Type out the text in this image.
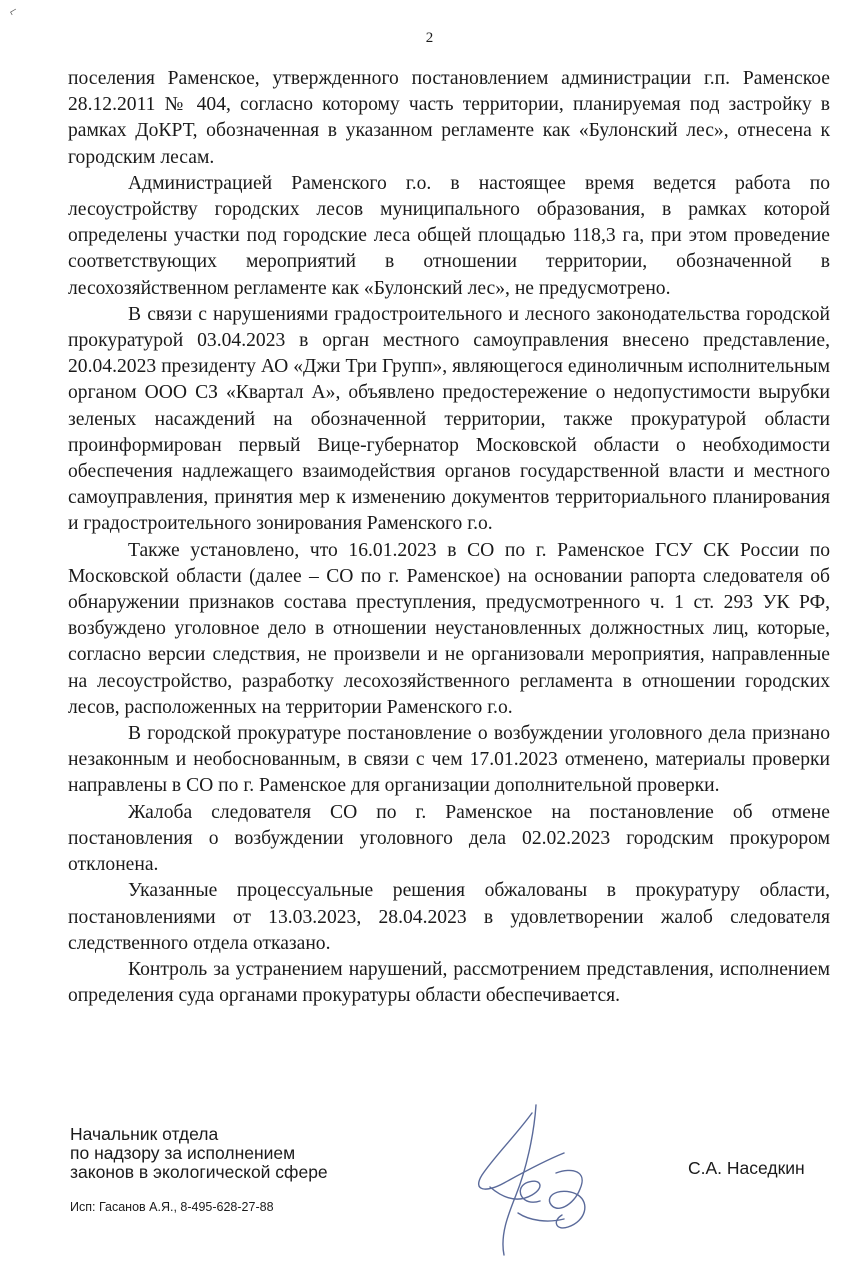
⌐
2

поселения Раменское, утвержденного постановлением администрации г.п. Раменское 28.12.2011 № 404, согласно которому часть территории, планируемая под застройку в рамках ДоКРТ, обозначенная в указанном регламенте как «Булонский лес», отнесена к городским лесам.

Администрацией Раменского г.о. в настоящее время ведется работа по лесоустройству городских лесов муниципального образования, в рамках которой определены участки под городские леса общей площадью 118,3 га, при этом проведение соответствующих мероприятий в отношении территории, обозначенной в лесохозяйственном регламенте как «Булонский лес», не предусмотрено.

В связи с нарушениями градостроительного и лесного законодательства городской прокуратурой 03.04.2023 в орган местного самоуправления внесено представление, 20.04.2023 президенту АО «Джи Три Групп», являющегося единоличным исполнительным органом ООО СЗ «Квартал А», объявлено предостережение о недопустимости вырубки зеленых насаждений на обозначенной территории, также прокуратурой области проинформирован первый Вице-губернатор Московской области о необходимости обеспечения надлежащего взаимодействия органов государственной власти и местного самоуправления, принятия мер к изменению документов территориального планирования и градостроительного зонирования Раменского г.о.

Также установлено, что 16.01.2023 в СО по г. Раменское ГСУ СК России по Московской области (далее – СО по г. Раменское) на основании рапорта следователя об обнаружении признаков состава преступления, предусмотренного ч. 1 ст. 293 УК РФ, возбуждено уголовное дело в отношении неустановленных должностных лиц, которые, согласно версии следствия, не произвели и не организовали мероприятия, направленные на лесоустройство, разработку лесохозяйственного регламента в отношении городских лесов, расположенных на территории Раменского г.о.

В городской прокуратуре постановление о возбуждении уголовного дела признано незаконным и необоснованным, в связи с чем 17.01.2023 отменено, материалы проверки направлены в СО по г. Раменское для организации дополнительной проверки.

Жалоба следователя СО по г. Раменское на постановление об отмене постановления о возбуждении уголовного дела 02.02.2023 городским прокурором отклонена.

Указанные процессуальные решения обжалованы в прокуратуру области, постановлениями от 13.03.2023, 28.04.2023 в удовлетворении жалоб следователя следственного отдела отказано.

Контроль за устранением нарушений, рассмотрением представления, исполнением определения суда органами прокуратуры области обеспечивается.

Начальник отдела
по надзору за исполнением
законов в экологической сфере	С.А. Наседкин
Исп: Гасанов А.Я., 8-495-628-27-88
